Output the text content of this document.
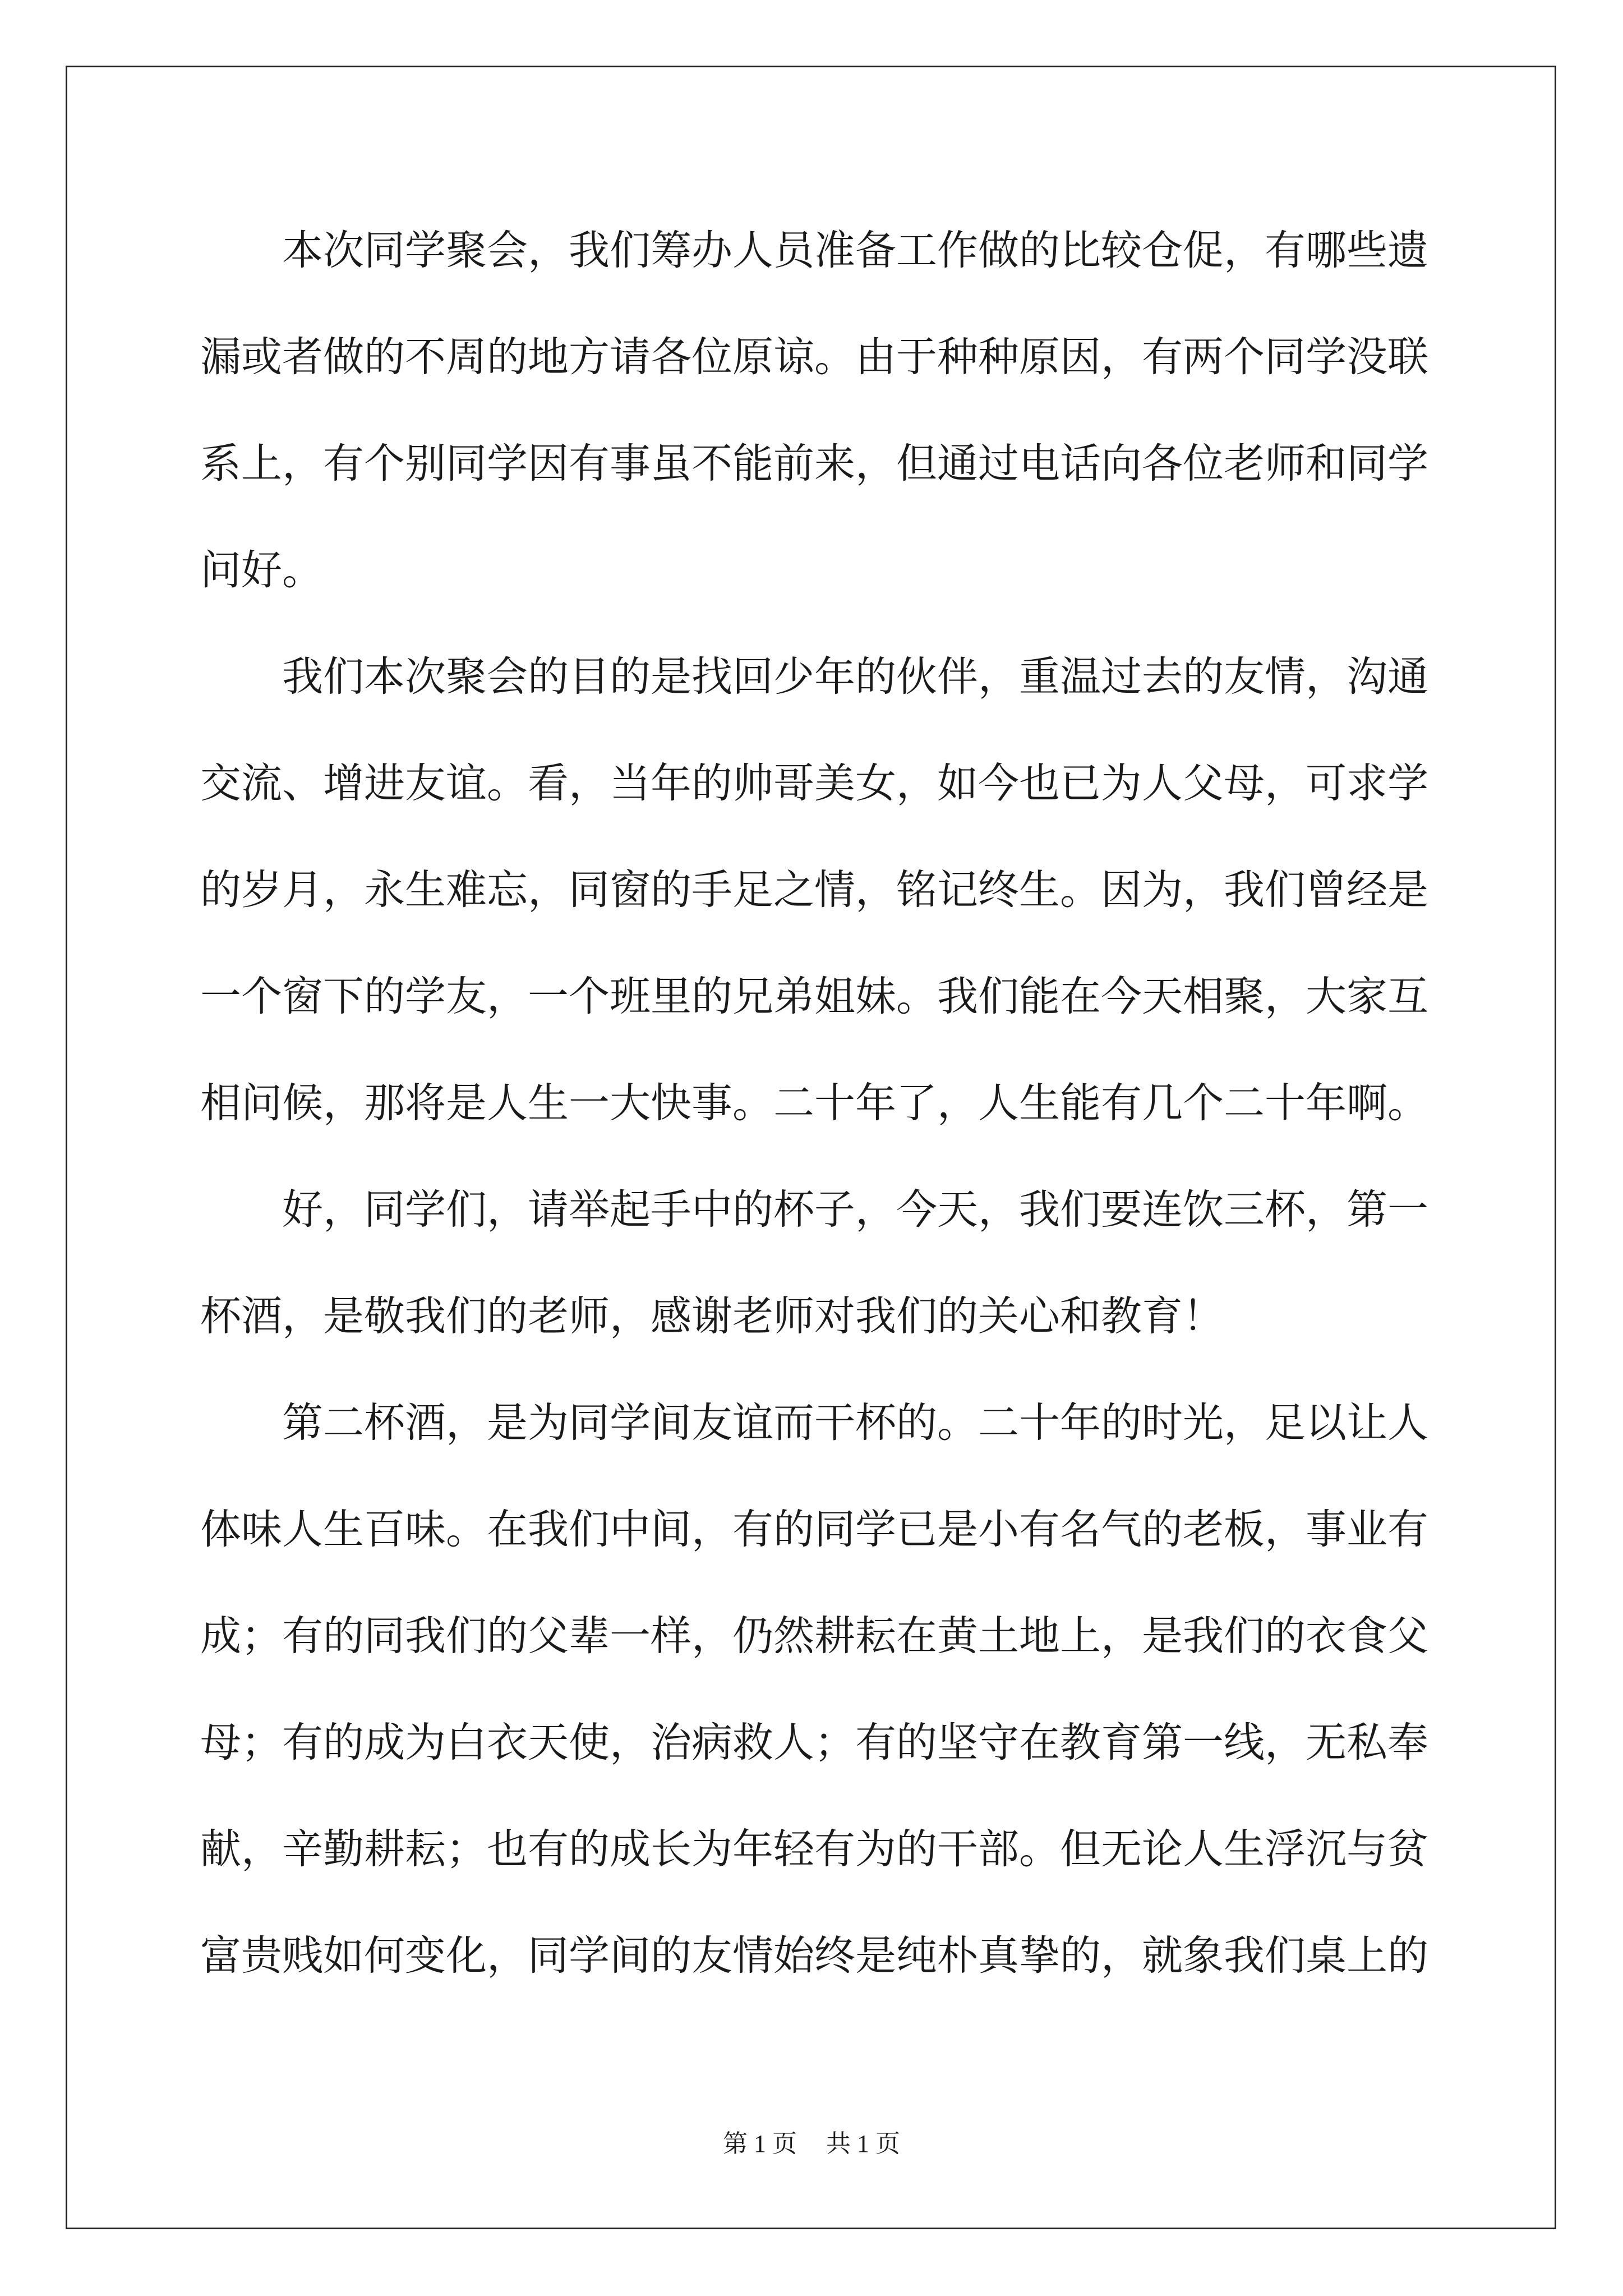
本次同学聚会，我们筹办人员准备工作做的比较仓促，有哪些遗
漏或者做的不周的地方请各位原谅。由于种种原因，有两个同学没联
系上，有个别同学因有事虽不能前来，但通过电话向各位老师和同学
问好。
我们本次聚会的目的是找回少年的伙伴，重温过去的友情，沟通
交流、增进友谊。看，当年的帅哥美女，如今也已为人父母，可求学
的岁月，永生难忘，同窗的手足之情，铭记终生。因为，我们曾经是
一个窗下的学友，一个班里的兄弟姐妹。我们能在今天相聚，大家互
相问候，那将是人生一大快事。二十年了，人生能有几个二十年啊。
好，同学们，请举起手中的杯子，今天，我们要连饮三杯，第一
杯酒，是敬我们的老师，感谢老师对我们的关心和教育！
第二杯酒，是为同学间友谊而干杯的。二十年的时光，足以让人
体味人生百味。在我们中间，有的同学已是小有名气的老板，事业有
成；有的同我们的父辈一样，仍然耕耘在黄土地上，是我们的衣食父
母；有的成为白衣天使，治病救人；有的坚守在教育第一线，无私奉
献，辛勤耕耘；也有的成长为年轻有为的干部。但无论人生浮沉与贫
富贵贱如何变化，同学间的友情始终是纯朴真挚的，就象我们桌上的
第 1 页 共 1 页
